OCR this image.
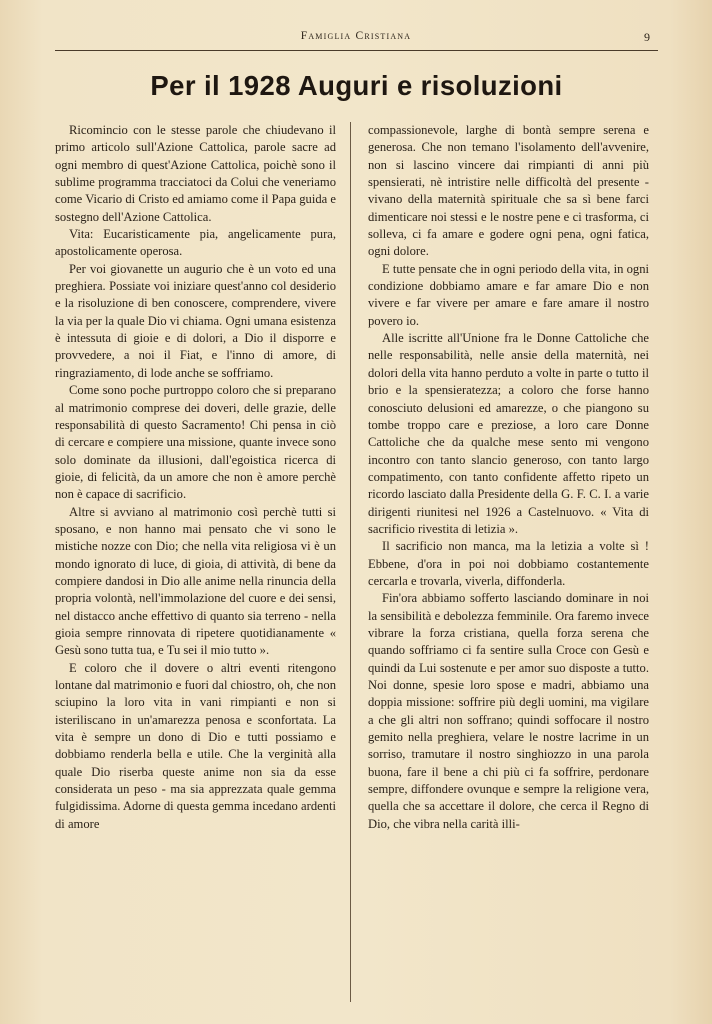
Famiglia Cristiana	9
Per il 1928 Auguri e risoluzioni

Ricomincio con le stesse parole che chiudevano il primo articolo sull'Azione Cattolica, parole sacre ad ogni membro di quest'Azione Cattolica, poichè sono il sublime programma tracciatoci da Colui che veneriamo come Vicario di Cristo ed amiamo come il Papa guida e sostegno dell'Azione Cattolica.

Vita: Eucaristicamente pia, angelicamente pura, apostolicamente operosa.

Per voi giovanette un augurio che è un voto ed una preghiera. Possiate voi iniziare quest'anno col desiderio e la risoluzione di ben conoscere, comprendere, vivere la via per la quale Dio vi chiama. Ogni umana esistenza è intessuta di gioie e di dolori, a Dio il disporre e provvedere, a noi il Fiat, e l'inno di amore, di ringraziamento, di lode anche se soffriamo.

Come sono poche purtroppo coloro che si preparano al matrimonio comprese dei doveri, delle grazie, delle responsabilità di questo Sacramento! Chi pensa in ciò di cercare e compiere una missione, quante invece sono solo dominate da illusioni, dall'egoistica ricerca di gioie, di felicità, da un amore che non è amore perchè non è capace di sacrificio.

Altre si avviano al matrimonio così perchè tutti si sposano, e non hanno mai pensato che vi sono le mistiche nozze con Dio; che nella vita religiosa vi è un mondo ignorato di luce, di gioia, di attività, di bene da compiere dandosi in Dio alle anime nella rinuncia della propria volontà, nell'immolazione del cuore e dei sensi, nel distacco anche effettivo di quanto sia terreno - nella gioia sempre rinnovata di ripetere quotidianamente « Gesù sono tutta tua, e Tu sei il mio tutto ».

E coloro che il dovere o altri eventi ritengono lontane dal matrimonio e fuori dal chiostro, oh, che non sciupino la loro vita in vani rimpianti e non si isteriliscano in un'amarezza penosa e sconfortata. La vita è sempre un dono di Dio e tutti possiamo e dobbiamo renderla bella e utile. Che la verginità alla quale Dio riserba queste anime non sia da esse considerata un peso - ma sia apprezzata quale gemma fulgidissima. Adorne di questa gemma incedano ardenti di amore

compassionevole, larghe di bontà sempre serena e generosa. Che non temano l'isolamento dell'avvenire, non si lascino vincere dai rimpianti di anni più spensierati, nè intristire nelle difficoltà del presente - vivano della maternità spirituale che sa sì bene farci dimenticare noi stessi e le nostre pene e ci trasforma, ci solleva, ci fa amare e godere ogni pena, ogni fatica, ogni dolore.

E tutte pensate che in ogni periodo della vita, in ogni condizione dobbiamo amare e far amare Dio e non vivere e far vivere per amare e fare amare il nostro povero io.

Alle iscritte all'Unione fra le Donne Cattoliche che nelle responsabilità, nelle ansie della maternità, nei dolori della vita hanno perduto a volte in parte o tutto il brio e la spensieratezza; a coloro che forse hanno conosciuto delusioni ed amarezze, o che piangono su tombe troppo care e preziose, a loro care Donne Cattoliche che da qualche mese sento mi vengono incontro con tanto slancio generoso, con tanto largo compatimento, con tanto confidente affetto ripeto un ricordo lasciato dalla Presidente della G. F. C. I. a varie dirigenti riunitesi nel 1926 a Castelnuovo. « Vita di sacrificio rivestita di letizia ».

Il sacrificio non manca, ma la letizia a volte sì ! Ebbene, d'ora in poi noi dobbiamo costantemente cercarla e trovarla, viverla, diffonderla.

Fin'ora abbiamo sofferto lasciando dominare in noi la sensibilità e debolezza femminile. Ora faremo invece vibrare la forza cristiana, quella forza serena che quando soffriamo ci fa sentire sulla Croce con Gesù e quindi da Lui sostenute e per amor suo disposte a tutto. Noi donne, spesie loro spose e madri, abbiamo una doppia missione: soffrire più degli uomini, ma vigilare a che gli altri non soffrano; quindi soffocare il nostro gemito nella preghiera, velare le nostre lacrime in un sorriso, tramutare il nostro singhiozzo in una parola buona, fare il bene a chi più ci fa soffrire, perdonare sempre, diffondere ovunque e sempre la religione vera, quella che sa accettare il dolore, che cerca il Regno di Dio, che vibra nella carità illi-
